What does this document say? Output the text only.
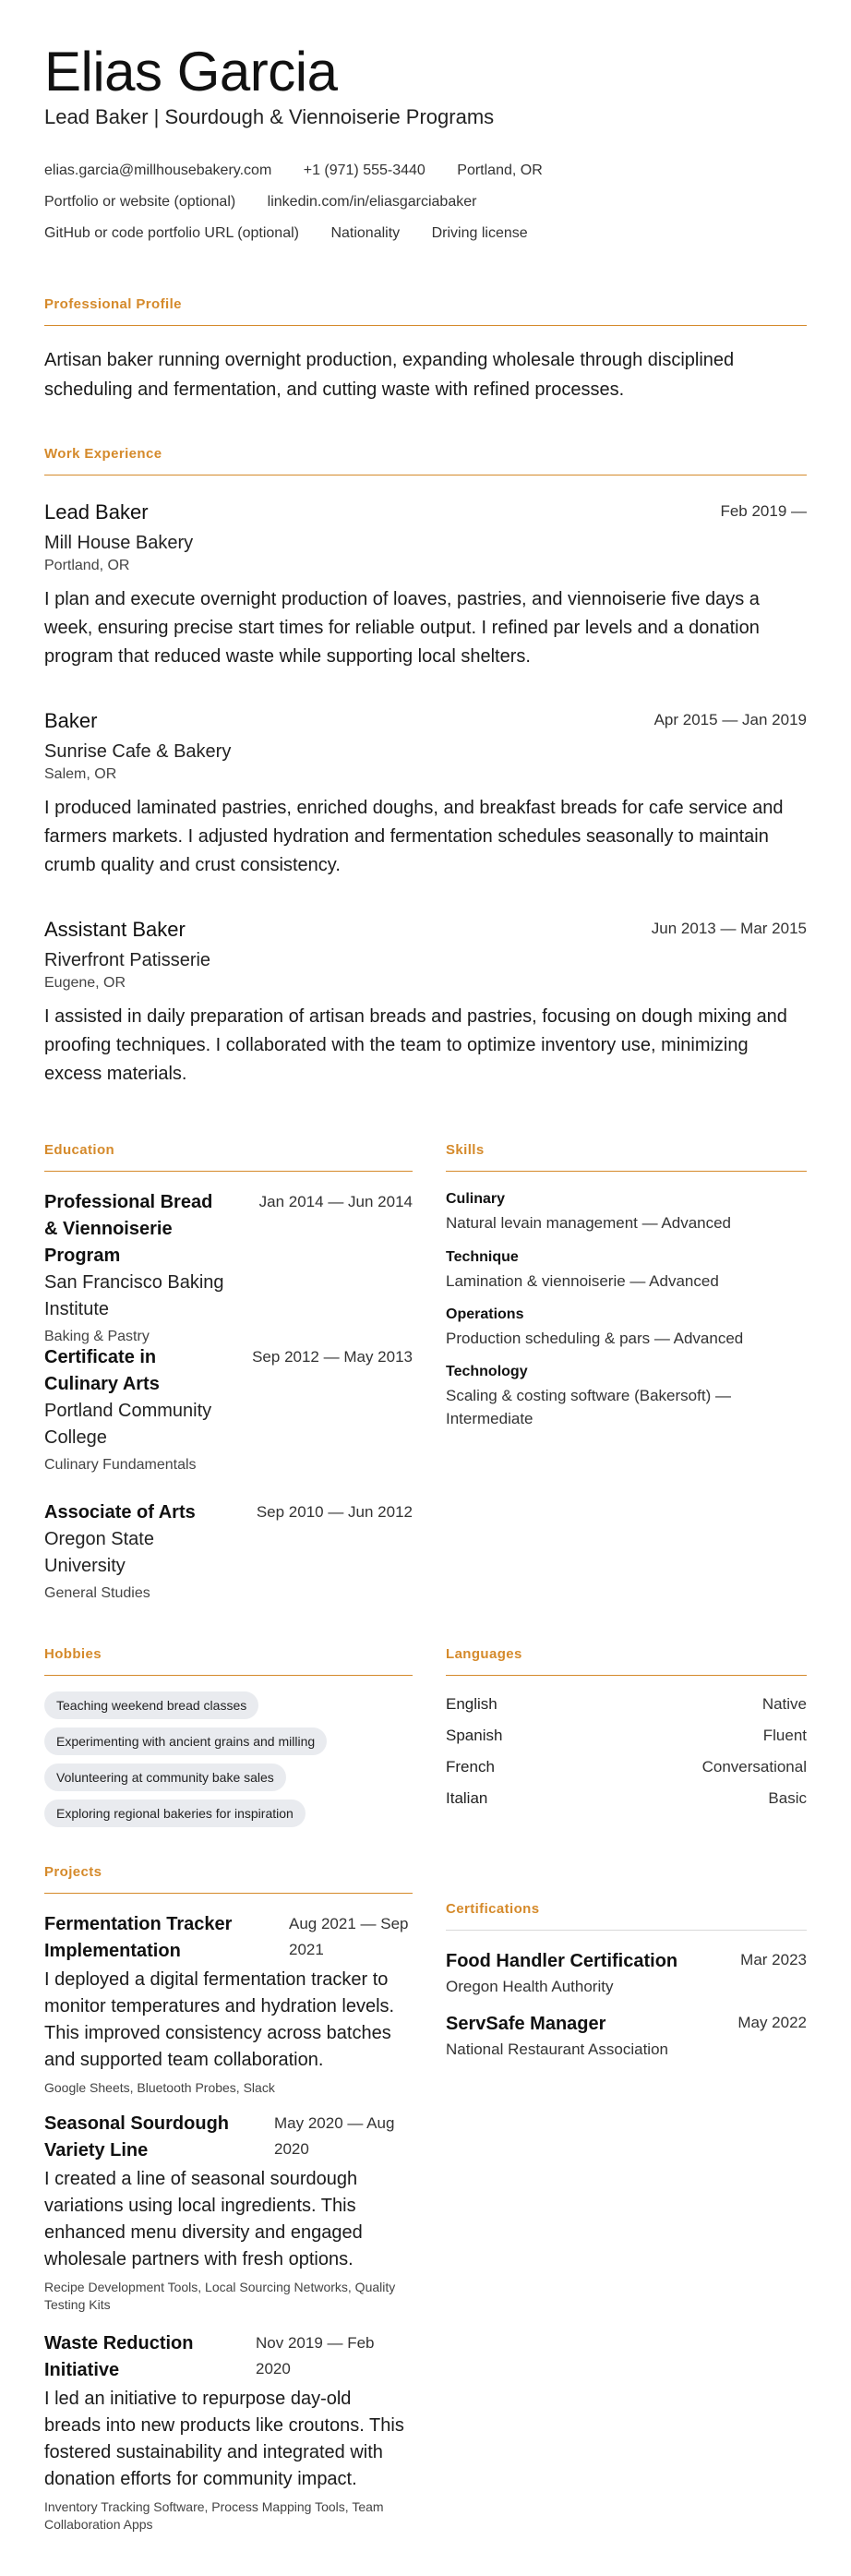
Elias Garcia
Lead Baker | Sourdough & Viennoiserie Programs
elias.garcia@millhousebakery.com +1 (971) 555-3440 Portland, OR
Portfolio or website (optional) linkedin.com/in/eliasgarciabaker
GitHub or code portfolio URL (optional) Nationality Driving license
Professional Profile
Artisan baker running overnight production, expanding wholesale through disciplined scheduling and fermentation, and cutting waste with refined processes.
Work Experience
Lead Baker	Feb 2019 —
Mill House Bakery
Portland, OR
I plan and execute overnight production of loaves, pastries, and viennoiserie five days a week, ensuring precise start times for reliable output. I refined par levels and a donation program that reduced waste while supporting local shelters.
Baker	Apr 2015 — Jan 2019
Sunrise Cafe & Bakery
Salem, OR
I produced laminated pastries, enriched doughs, and breakfast breads for cafe service and farmers markets. I adjusted hydration and fermentation schedules seasonally to maintain crumb quality and crust consistency.
Assistant Baker	Jun 2013 — Mar 2015
Riverfront Patisserie
Eugene, OR
I assisted in daily preparation of artisan breads and pastries, focusing on dough mixing and proofing techniques. I collaborated with the team to optimize inventory use, minimizing excess materials.
Education
Professional Bread & Viennoiserie Program
Jan 2014 — Jun 2014
San Francisco Baking Institute
Baking & Pastry
Certificate in Culinary Arts
Sep 2012 — May 2013
Portland Community College
Culinary Fundamentals
Associate of Arts	Sep 2010 — Jun 2012
Oregon State University
General Studies
Skills
Culinary
Natural levain management — Advanced
Technique
Lamination & viennoiserie — Advanced
Operations
Production scheduling & pars — Advanced
Technology
Scaling & costing software (Bakersoft) — Intermediate
Hobbies
Teaching weekend bread classes
Experimenting with ancient grains and milling
Volunteering at community bake sales
Exploring regional bakeries for inspiration
Languages
English	Native
Spanish	Fluent
French	Conversational
Italian	Basic
Projects
Fermentation Tracker Implementation
Aug 2021 — Sep 2021
I deployed a digital fermentation tracker to monitor temperatures and hydration levels. This improved consistency across batches and supported team collaboration.
Google Sheets, Bluetooth Probes, Slack
Seasonal Sourdough Variety Line
May 2020 — Aug 2020
I created a line of seasonal sourdough variations using local ingredients. This enhanced menu diversity and engaged wholesale partners with fresh options.
Recipe Development Tools, Local Sourcing Networks, Quality Testing Kits
Waste Reduction Initiative
Nov 2019 — Feb 2020
I led an initiative to repurpose day-old breads into new products like croutons. This fostered sustainability and integrated with donation efforts for community impact.
Inventory Tracking Software, Process Mapping Tools, Team Collaboration Apps
Certifications
Food Handler Certification	Mar 2023
Oregon Health Authority
ServSafe Manager	May 2022
National Restaurant Association
